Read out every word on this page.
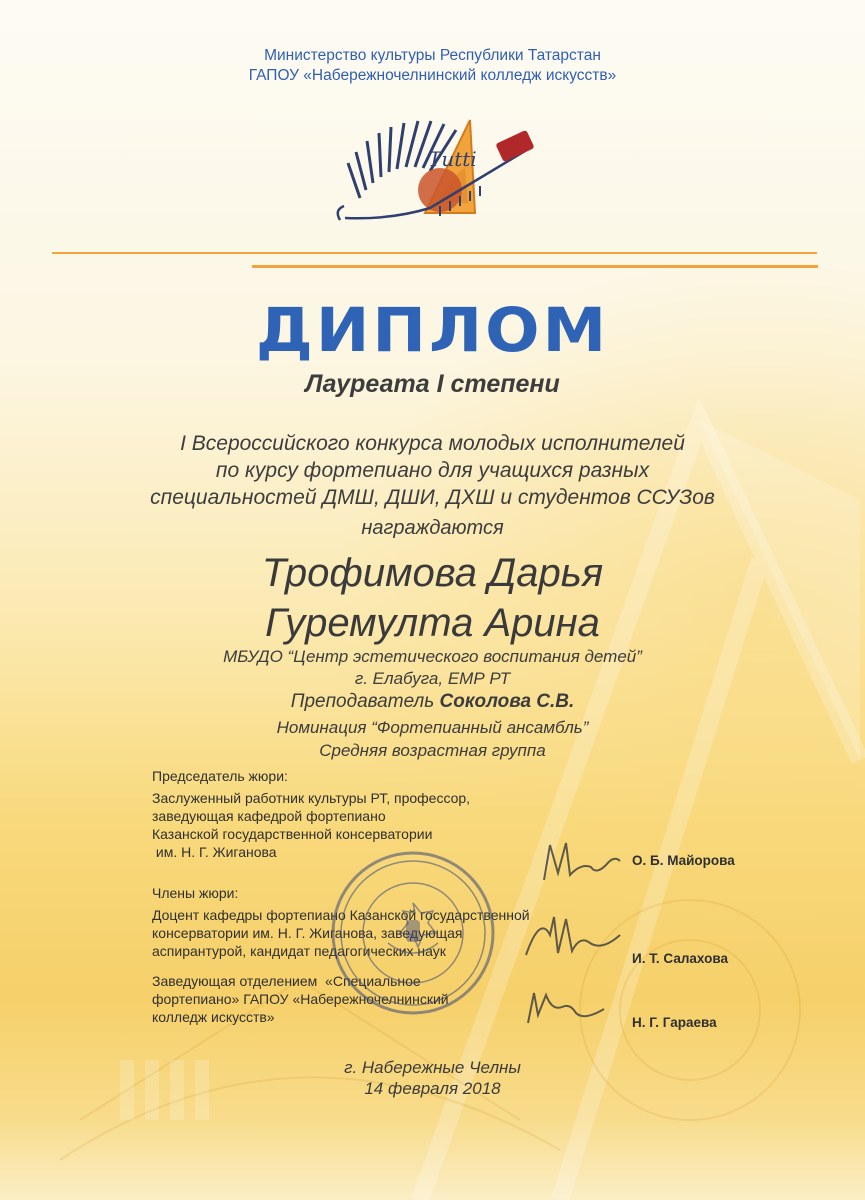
Министерство культуры Республики Татарстан
ГАПОУ «Набережночелнинский колледж искусств»
Tutti
ДИПЛОМ
Лауреата I степени
I Всероссийского конкурса молодых исполнителей
по курсу фортепиано для учащихся разных
специальностей ДМШ, ДШИ, ДХШ и студентов ССУЗов
награждаются
Трофимова Дарья
Гуремулта Арина
МБУДО “Центр эстетического воспитания детей”
г. Елабуга, ЕМР РТ
Преподаватель Соколова С.В.
Номинация “Фортепианный ансамбль”
Средняя возрастная группа
Председатель жюри:
Заслуженный работник культуры РТ, профессор,
заведующая кафедрой фортепиано
Казанской государственной консерватории
им. Н. Г. Жиганова
Члены жюри:
Доцент кафедры фортепиано Казанской государственной
консерватории им. Н. Г. Жиганова, заведующая
аспирантурой, кандидат педагогических наук
Заведующая отделением  «Специальное
фортепиано» ГАПОУ «Набережночелнинский
колледж искусств»
О. Б. Майорова
И. Т. Салахова
Н. Г. Гараева
г. Набережные Челны
14 февраля 2018
